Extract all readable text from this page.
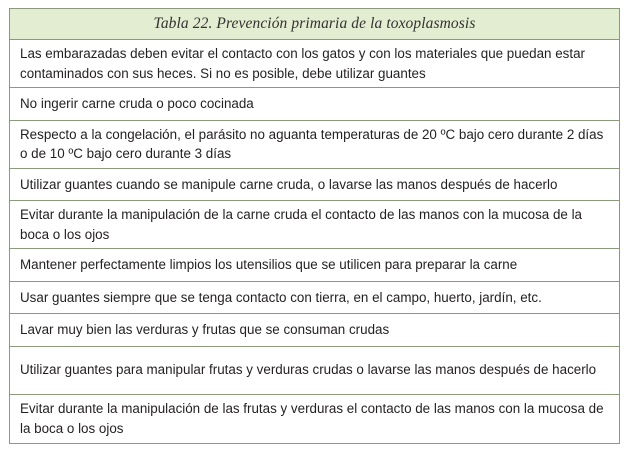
Tabla 22. Prevención primaria de la toxoplasmosis
Las embarazadas deben evitar el contacto con los gatos y con los materiales que puedan estar contaminados con sus heces. Si no es posible, debe utilizar guantes
No ingerir carne cruda o poco cocinada
Respecto a la congelación, el parásito no aguanta temperaturas de 20 ºC bajo cero durante 2 días o de 10 ºC bajo cero durante 3 días
Utilizar guantes cuando se manipule carne cruda, o lavarse las manos después de hacerlo
Evitar durante la manipulación de la carne cruda el contacto de las manos con la mucosa de la boca o los ojos
Mantener perfectamente limpios los utensilios que se utilicen para preparar la carne
Usar guantes siempre que se tenga contacto con tierra, en el campo, huerto, jardín, etc.
Lavar muy bien las verduras y frutas que se consuman crudas
Utilizar guantes para manipular frutas y verduras crudas o lavarse las manos después de hacerlo
Evitar durante la manipulación de las frutas y verduras el contacto de las manos con la mucosa de la boca o los ojos
